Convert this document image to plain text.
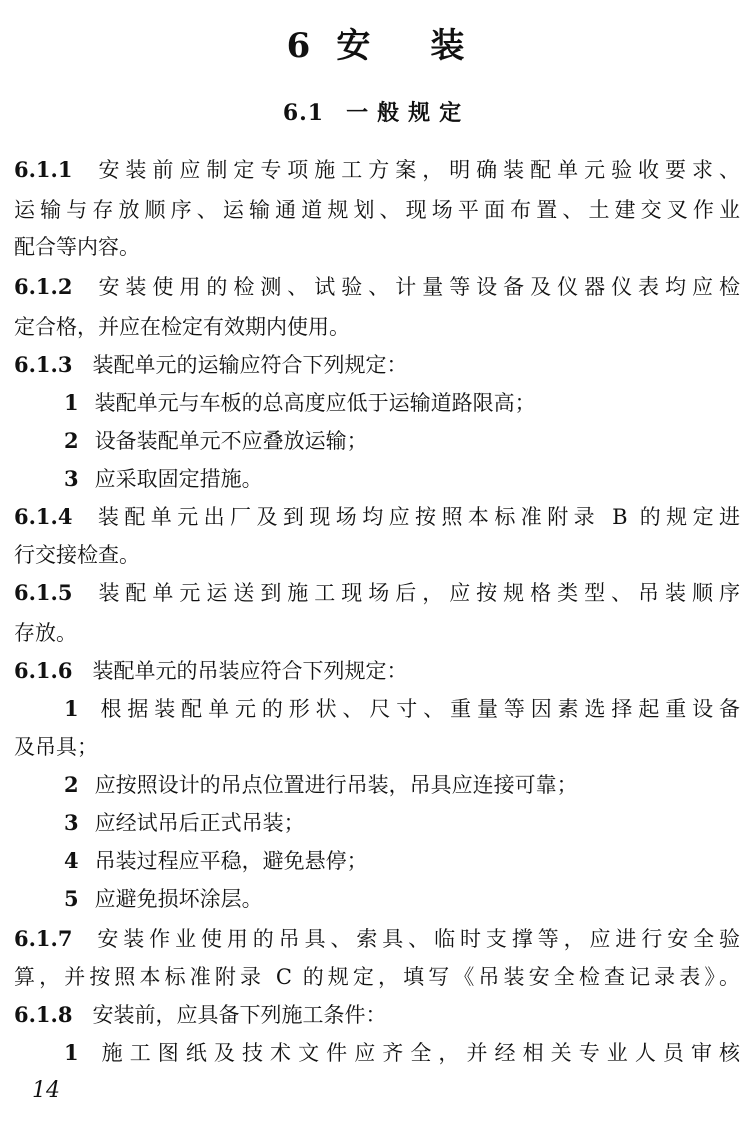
6 安 装
6.1 一般规定
6.1.1 安装前应制定专项施工方案，明确装配单元验收要求、
运输与存放顺序、运输通道规划、现场平面布置、土建交叉作业
配合等内容。
6.1.2 安装使用的检测、试验、计量等设备及仪器仪表均应检
定合格，并应在检定有效期内使用。
6.1.3 装配单元的运输应符合下列规定：
1 装配单元与车板的总高度应低于运输道路限高；
2 设备装配单元不应叠放运输；
3 应采取固定措施。
6.1.4 装配单元出厂及到现场均应按照本标准附录 B 的规定进
行交接检查。
6.1.5 装配单元运送到施工现场后，应按规格类型、吊装顺序
存放。
6.1.6 装配单元的吊装应符合下列规定：
1 根据装配单元的形状、尺寸、重量等因素选择起重设备
及吊具；
2 应按照设计的吊点位置进行吊装，吊具应连接可靠；
3 应经试吊后正式吊装；
4 吊装过程应平稳，避免悬停；
5 应避免损坏涂层。
6.1.7 安装作业使用的吊具、索具、临时支撑等，应进行安全验
算，并按照本标准附录 C 的规定，填写《吊装安全检查记录表》。
6.1.8 安装前，应具备下列施工条件：
1 施工图纸及技术文件应齐全，并经相关专业人员审核
14
